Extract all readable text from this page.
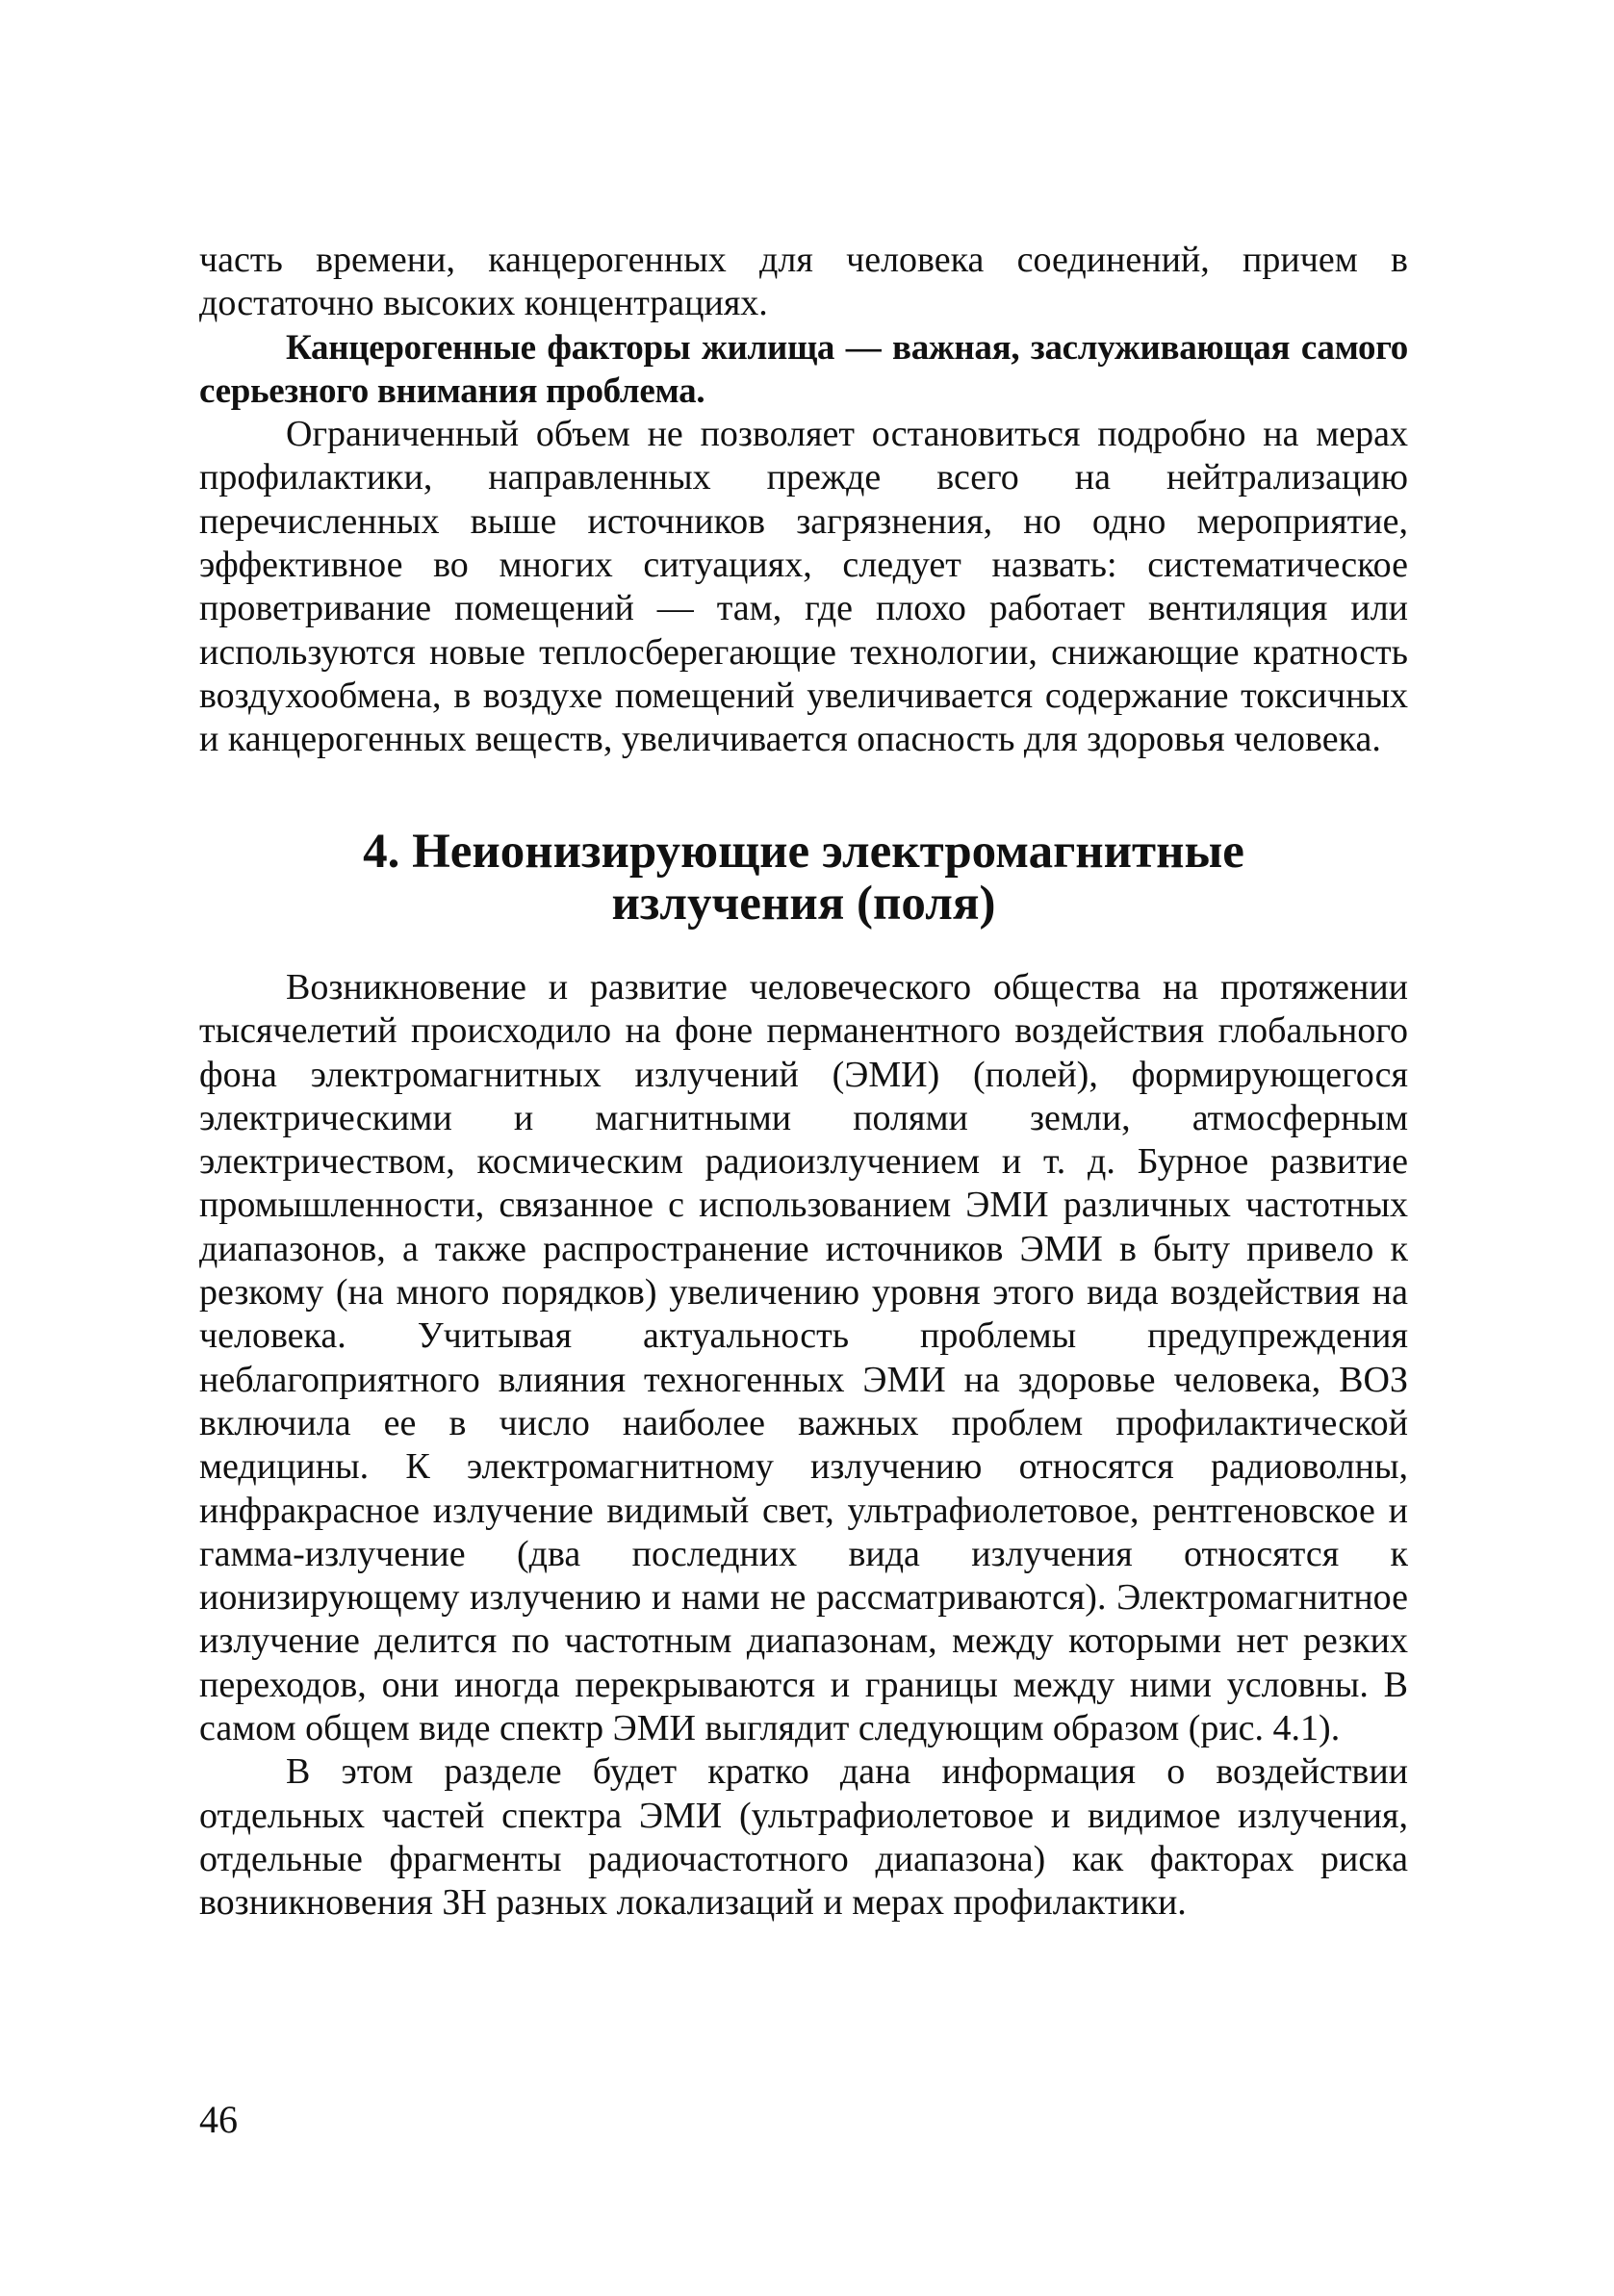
часть времени, канцерогенных для человека соединений, причем в достаточно высоких концентрациях.

Канцерогенные факторы жилища — важная, заслуживающая самого серьезного внимания проблема.

Ограниченный объем не позволяет остановиться подробно на мерах профилактики, направленных прежде всего на нейтрализацию перечисленных выше источников загрязнения, но одно мероприятие, эффективное во многих ситуациях, следует назвать: систематическое проветривание помещений — там, где плохо работает вентиляция или используются новые теплосберегающие технологии, снижающие кратность воздухообмена, в воздухе помещений увеличивается содержание токсичных и канцерогенных веществ, увеличивается опасность для здоровья человека.

4. Неионизирующие электромагнитные
излучения (поля)

Возникновение и развитие человеческого общества на протяжении тысячелетий происходило на фоне перманентного воздействия глобального фона электромагнитных излучений (ЭМИ) (полей), формирующегося электрическими и магнитными полями земли, атмосферным электричеством, космическим радиоизлучением и т. д. Бурное развитие промышленности, связанное с использованием ЭМИ различных частотных диапазонов, а также распространение источников ЭМИ в быту привело к резкому (на много порядков) увеличению уровня этого вида воздействия на человека. Учитывая актуальность проблемы предупреждения неблагоприятного влияния техногенных ЭМИ на здоровье человека, ВОЗ включила ее в число наиболее важных проблем профилактической медицины. К электромагнитному излучению относятся радиоволны, инфракрасное излучение видимый свет, ультрафиолетовое, рентгеновское и гамма-излучение (два последних вида излучения относятся к ионизирующему излучению и нами не рассматриваются). Электромагнитное излучение делится по частотным диапазонам, между которыми нет резких переходов, они иногда перекрываются и границы между ними условны. В самом общем виде спектр ЭМИ выглядит следующим образом (рис. 4.1).

В этом разделе будет кратко дана информация о воздействии отдельных частей спектра ЭМИ (ультрафиолетовое и видимое излучения, отдельные фрагменты радиочастотного диапазона) как факторах риска возникновения ЗН разных локализаций и мерах профилактики.

46
